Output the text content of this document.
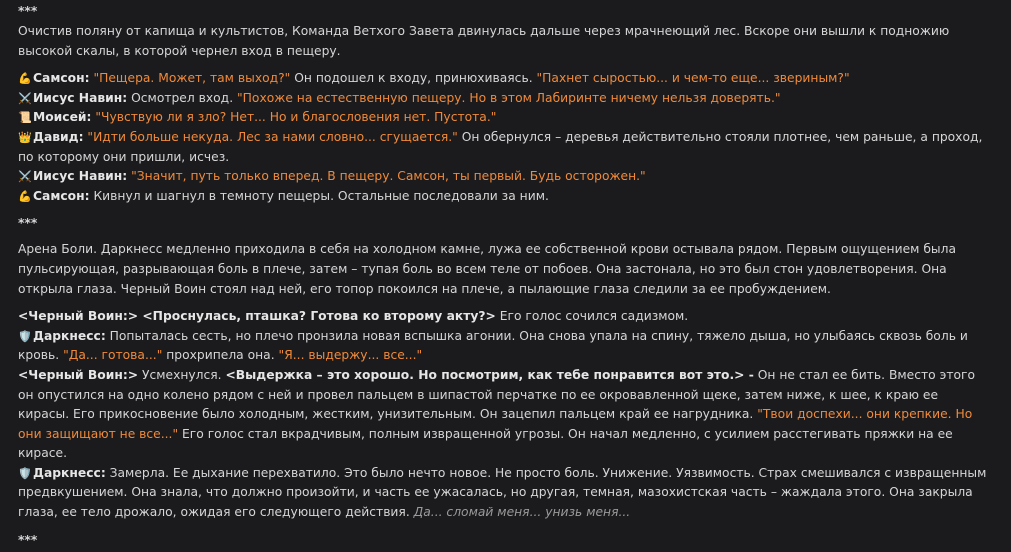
***

Очистив поляну от капища и культистов, Команда Ветхого Завета двинулась дальше через мрачнеющий лес. Вскоре они вышли к подножию высокой скалы, в которой чернел вход в пещеру.

💪Самсон: "Пещера. Может, там выход?" Он подошел к входу, принюхиваясь. "Пахнет сыростью... и чем-то еще... звериным?"

⚔️Иисус Навин: Осмотрел вход. "Похоже на естественную пещеру. Но в этом Лабиринте ничему нельзя доверять."

📜Моисей: "Чувствую ли я зло? Нет... Но и благословения нет. Пустота."

👑Давид: "Идти больше некуда. Лес за нами словно... сгущается." Он обернулся – деревья действительно стояли плотнее, чем раньше, а проход, по которому они пришли, исчез.

⚔️Иисус Навин: "Значит, путь только вперед. В пещеру. Самсон, ты первый. Будь осторожен."

💪Самсон: Кивнул и шагнул в темноту пещеры. Остальные последовали за ним.

***

Арена Боли. Даркнесс медленно приходила в себя на холодном камне, лужа ее собственной крови остывала рядом. Первым ощущением была пульсирующая, разрывающая боль в плече, затем – тупая боль во всем теле от побоев. Она застонала, но это был стон удовлетворения. Она открыла глаза. Черный Воин стоял над ней, его топор покоился на плече, а пылающие глаза следили за ее пробуждением.

<Черный Воин:> <Проснулась, пташка? Готова ко второму акту?> Его голос сочился садизмом.

🛡️Даркнесс: Попыталась сесть, но плечо пронзила новая вспышка агонии. Она снова упала на спину, тяжело дыша, но улыбаясь сквозь боль и кровь. "Да... готова..." прохрипела она. "Я... выдержу... все..."

<Черный Воин:> Усмехнулся. <Выдержка – это хорошо. Но посмотрим, как тебе понравится вот это.> - Он не стал ее бить. Вместо этого он опустился на одно колено рядом с ней и провел пальцем в шипастой перчатке по ее окровавленной щеке, затем ниже, к шее, к краю ее кирасы. Его прикосновение было холодным, жестким, унизительным. Он зацепил пальцем край ее нагрудника. "Твои доспехи... они крепкие. Но они защищают не все..." Его голос стал вкрадчивым, полным извращенной угрозы. Он начал медленно, с усилием расстегивать пряжки на ее кирасе.

🛡️Даркнесс: Замерла. Ее дыхание перехватило. Это было нечто новое. Не просто боль. Унижение. Уязвимость. Страх смешивался с извращенным предвкушением. Она знала, что должно произойти, и часть ее ужасалась, но другая, темная, мазохистская часть – жаждала этого. Она закрыла глаза, ее тело дрожало, ожидая его следующего действия. Да... сломай меня... унизь меня...

***
